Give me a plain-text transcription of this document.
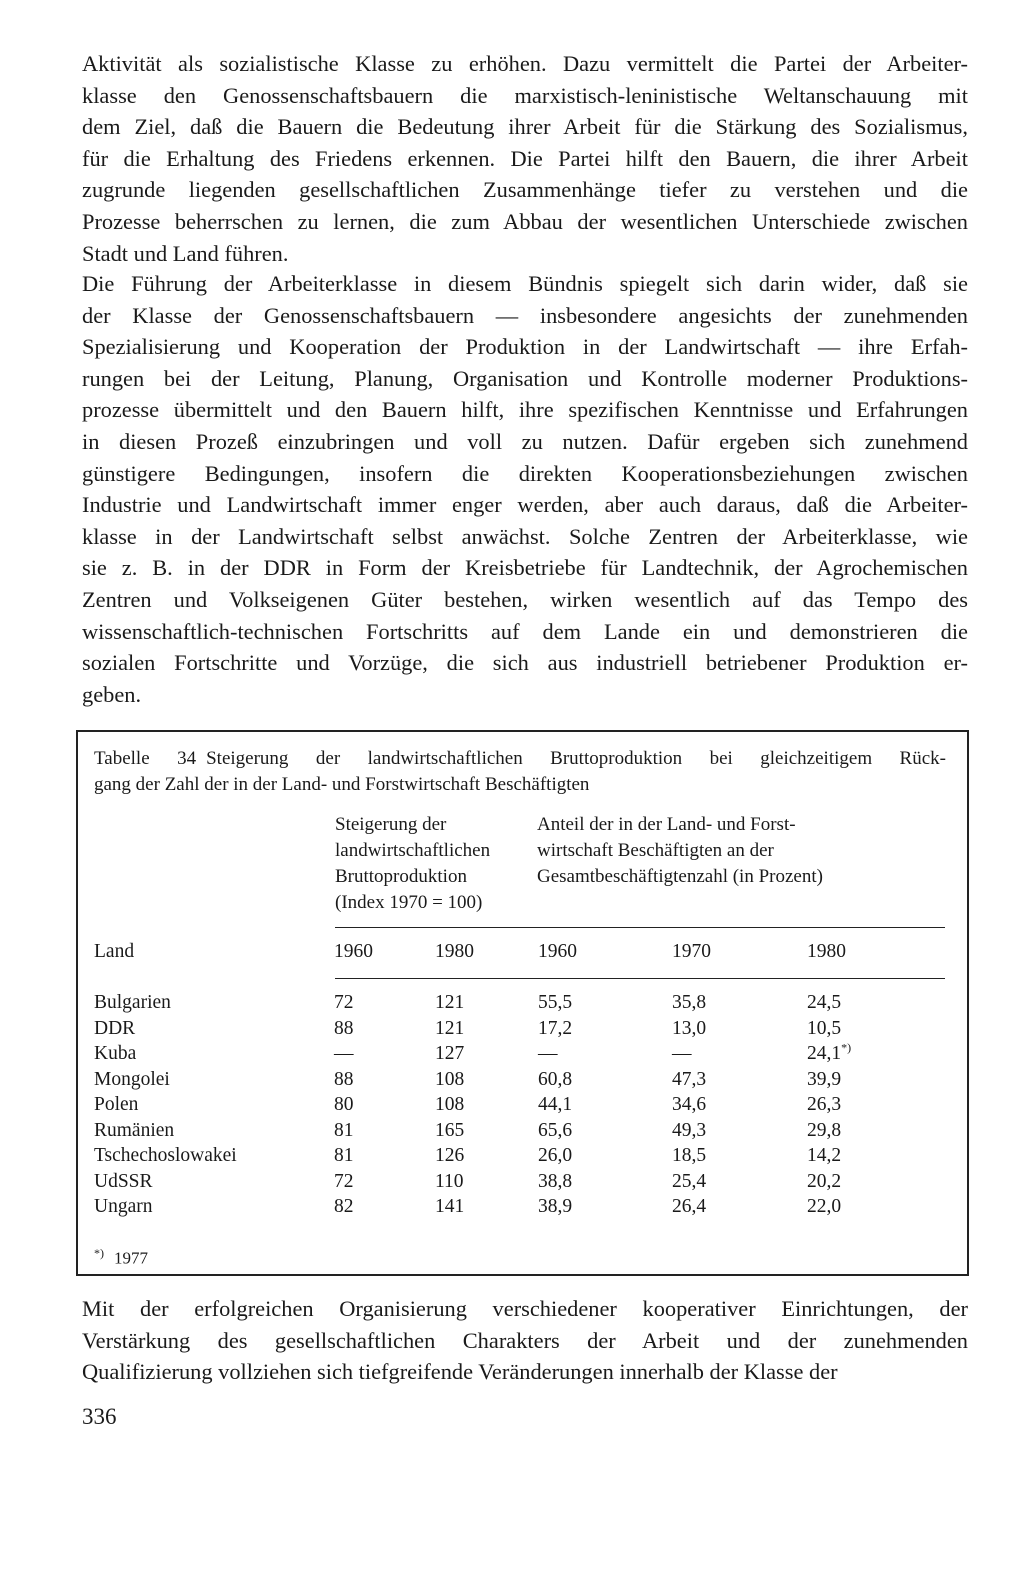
Aktivität als sozialistische Klasse zu erhöhen. Dazu vermittelt die Partei der Arbeiter-
klasse den Genossenschaftsbauern die marxistisch-leninistische Weltanschauung mit
dem Ziel, daß die Bauern die Bedeutung ihrer Arbeit für die Stärkung des Sozialismus,
für die Erhaltung des Friedens erkennen. Die Partei hilft den Bauern, die ihrer Arbeit
zugrunde liegenden gesellschaftlichen Zusammenhänge tiefer zu verstehen und die
Prozesse beherrschen zu lernen, die zum Abbau der wesentlichen Unterschiede zwischen
Stadt und Land führen.
Die Führung der Arbeiterklasse in diesem Bündnis spiegelt sich darin wider, daß sie
der Klasse der Genossenschaftsbauern — insbesondere angesichts der zunehmenden
Spezialisierung und Kooperation der Produktion in der Landwirtschaft — ihre Erfah-
rungen bei der Leitung, Planung, Organisation und Kontrolle moderner Produktions-
prozesse übermittelt und den Bauern hilft, ihre spezifischen Kenntnisse und Erfahrungen
in diesen Prozeß einzubringen und voll zu nutzen. Dafür ergeben sich zunehmend
günstigere Bedingungen, insofern die direkten Kooperationsbeziehungen zwischen
Industrie und Landwirtschaft immer enger werden, aber auch daraus, daß die Arbeiter-
klasse in der Landwirtschaft selbst anwächst. Solche Zentren der Arbeiterklasse, wie
sie z. B. in der DDR in Form der Kreisbetriebe für Landtechnik, der Agrochemischen
Zentren und Volkseigenen Güter bestehen, wirken wesentlich auf das Tempo des
wissenschaftlich-technischen Fortschritts auf dem Lande ein und demonstrieren die
sozialen Fortschritte und Vorzüge, die sich aus industriell betriebener Produktion er-
geben.
Tabelle 34 Steigerung der landwirtschaftlichen Bruttoproduktion bei gleichzeitigem Rück-
gang der Zahl der in der Land- und Forstwirtschaft Beschäftigten
Steigerung der
landwirtschaftlichen
Bruttoproduktion
(Index 1970 = 100)
Anteil der in der Land- und Forst-
wirtschaft Beschäftigten an der
Gesamtbeschäftigtenzahl (in Prozent)
Land	1960	1980	1960	1970	1980
Bulgarien	72	121	55,5	35,8	24,5
DDR	88	121	17,2	13,0	10,5
Kuba	—	127	—	—	24,1*)
Mongolei	88	108	60,8	47,3	39,9
Polen	80	108	44,1	34,6	26,3
Rumänien	81	165	65,6	49,3	29,8
Tschechoslowakei	81	126	26,0	18,5	14,2
UdSSR	72	110	38,8	25,4	20,2
Ungarn	82	141	38,9	26,4	22,0
*) 1977
Mit der erfolgreichen Organisierung verschiedener kooperativer Einrichtungen, der
Verstärkung des gesellschaftlichen Charakters der Arbeit und der zunehmenden
Qualifizierung vollziehen sich tiefgreifende Veränderungen innerhalb der Klasse der
336
